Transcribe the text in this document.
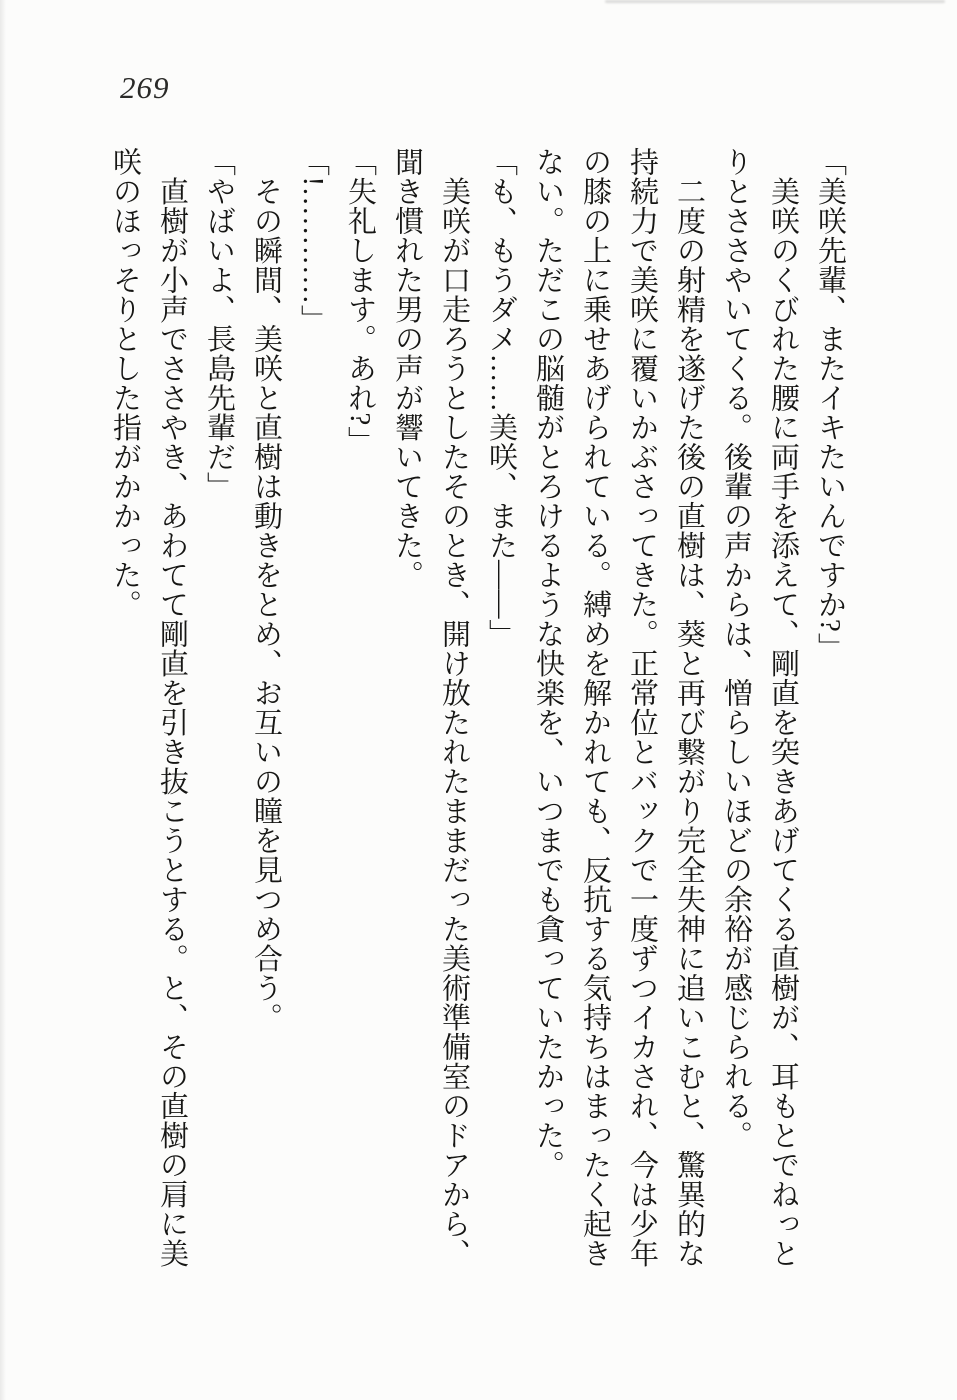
269
「美咲先輩、またイキたいんですか?」
　美咲のくびれた腰に両手を添えて、剛直を突きあげてくる直樹が、耳もとでねっと
りとささやいてくる。後輩の声からは、憎らしいほどの余裕が感じられる。
　二度の射精を遂げた後の直樹は、葵と再び繋がり完全失神に追いこむと、驚異的な
持続力で美咲に覆いかぶさってきた。正常位とバックで一度ずつイカされ、今は少年
の膝の上に乗せあげられている。縛めを解かれても、反抗する気持ちはまったく起き
ない。ただこの脳髄がとろけるような快楽を、いつまでも貪っていたかった。
「も、もうダメ……美咲、また――」
　美咲が口走ろうとしたそのとき、開け放たれたままだった美術準備室のドアから、
聞き慣れた男の声が響いてきた。
「失礼します。あれ?」
「!…………」
　その瞬間、美咲と直樹は動きをとめ、お互いの瞳を見つめ合う。
「やばいよ、長島先輩だ」
　直樹が小声でささやき、あわてて剛直を引き抜こうとする。と、その直樹の肩に美
咲のほっそりとした指がかかった。
